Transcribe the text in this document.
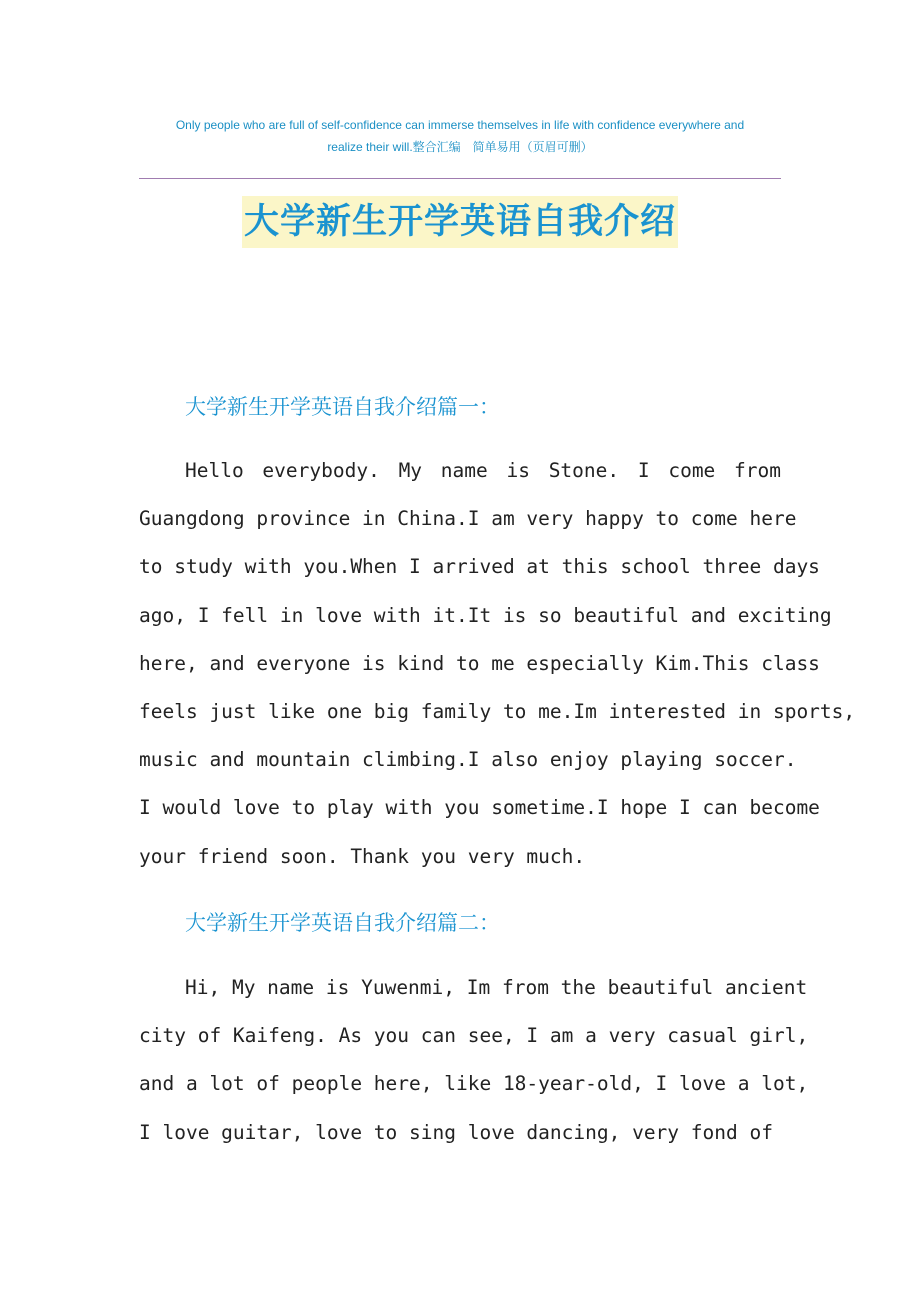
Only people who are full of self-confidence can immerse themselves in life with confidence everywhere and
realize their will.整合汇编　简单易用（页眉可删）
大学新生开学英语自我介绍
大学新生开学英语自我介绍篇一：
Hello everybody. My name is Stone. I come from
Guangdong province in China.I am very happy to come here
to study with you.When I arrived at this school three days
ago, I fell in love with it.It is so beautiful and exciting
here, and everyone is kind to me especially Kim.This class
feels just like one big family to me.Im interested in sports,
music and mountain climbing.I also enjoy playing soccer.
I would love to play with you sometime.I hope I can become
your friend soon. Thank you very much.
大学新生开学英语自我介绍篇二：
Hi, My name is Yuwenmi, Im from the beautiful ancient
city of Kaifeng. As you can see, I am a very casual girl,
and a lot of people here, like 18-year-old, I love a lot,
I love guitar, love to sing love dancing, very fond of
